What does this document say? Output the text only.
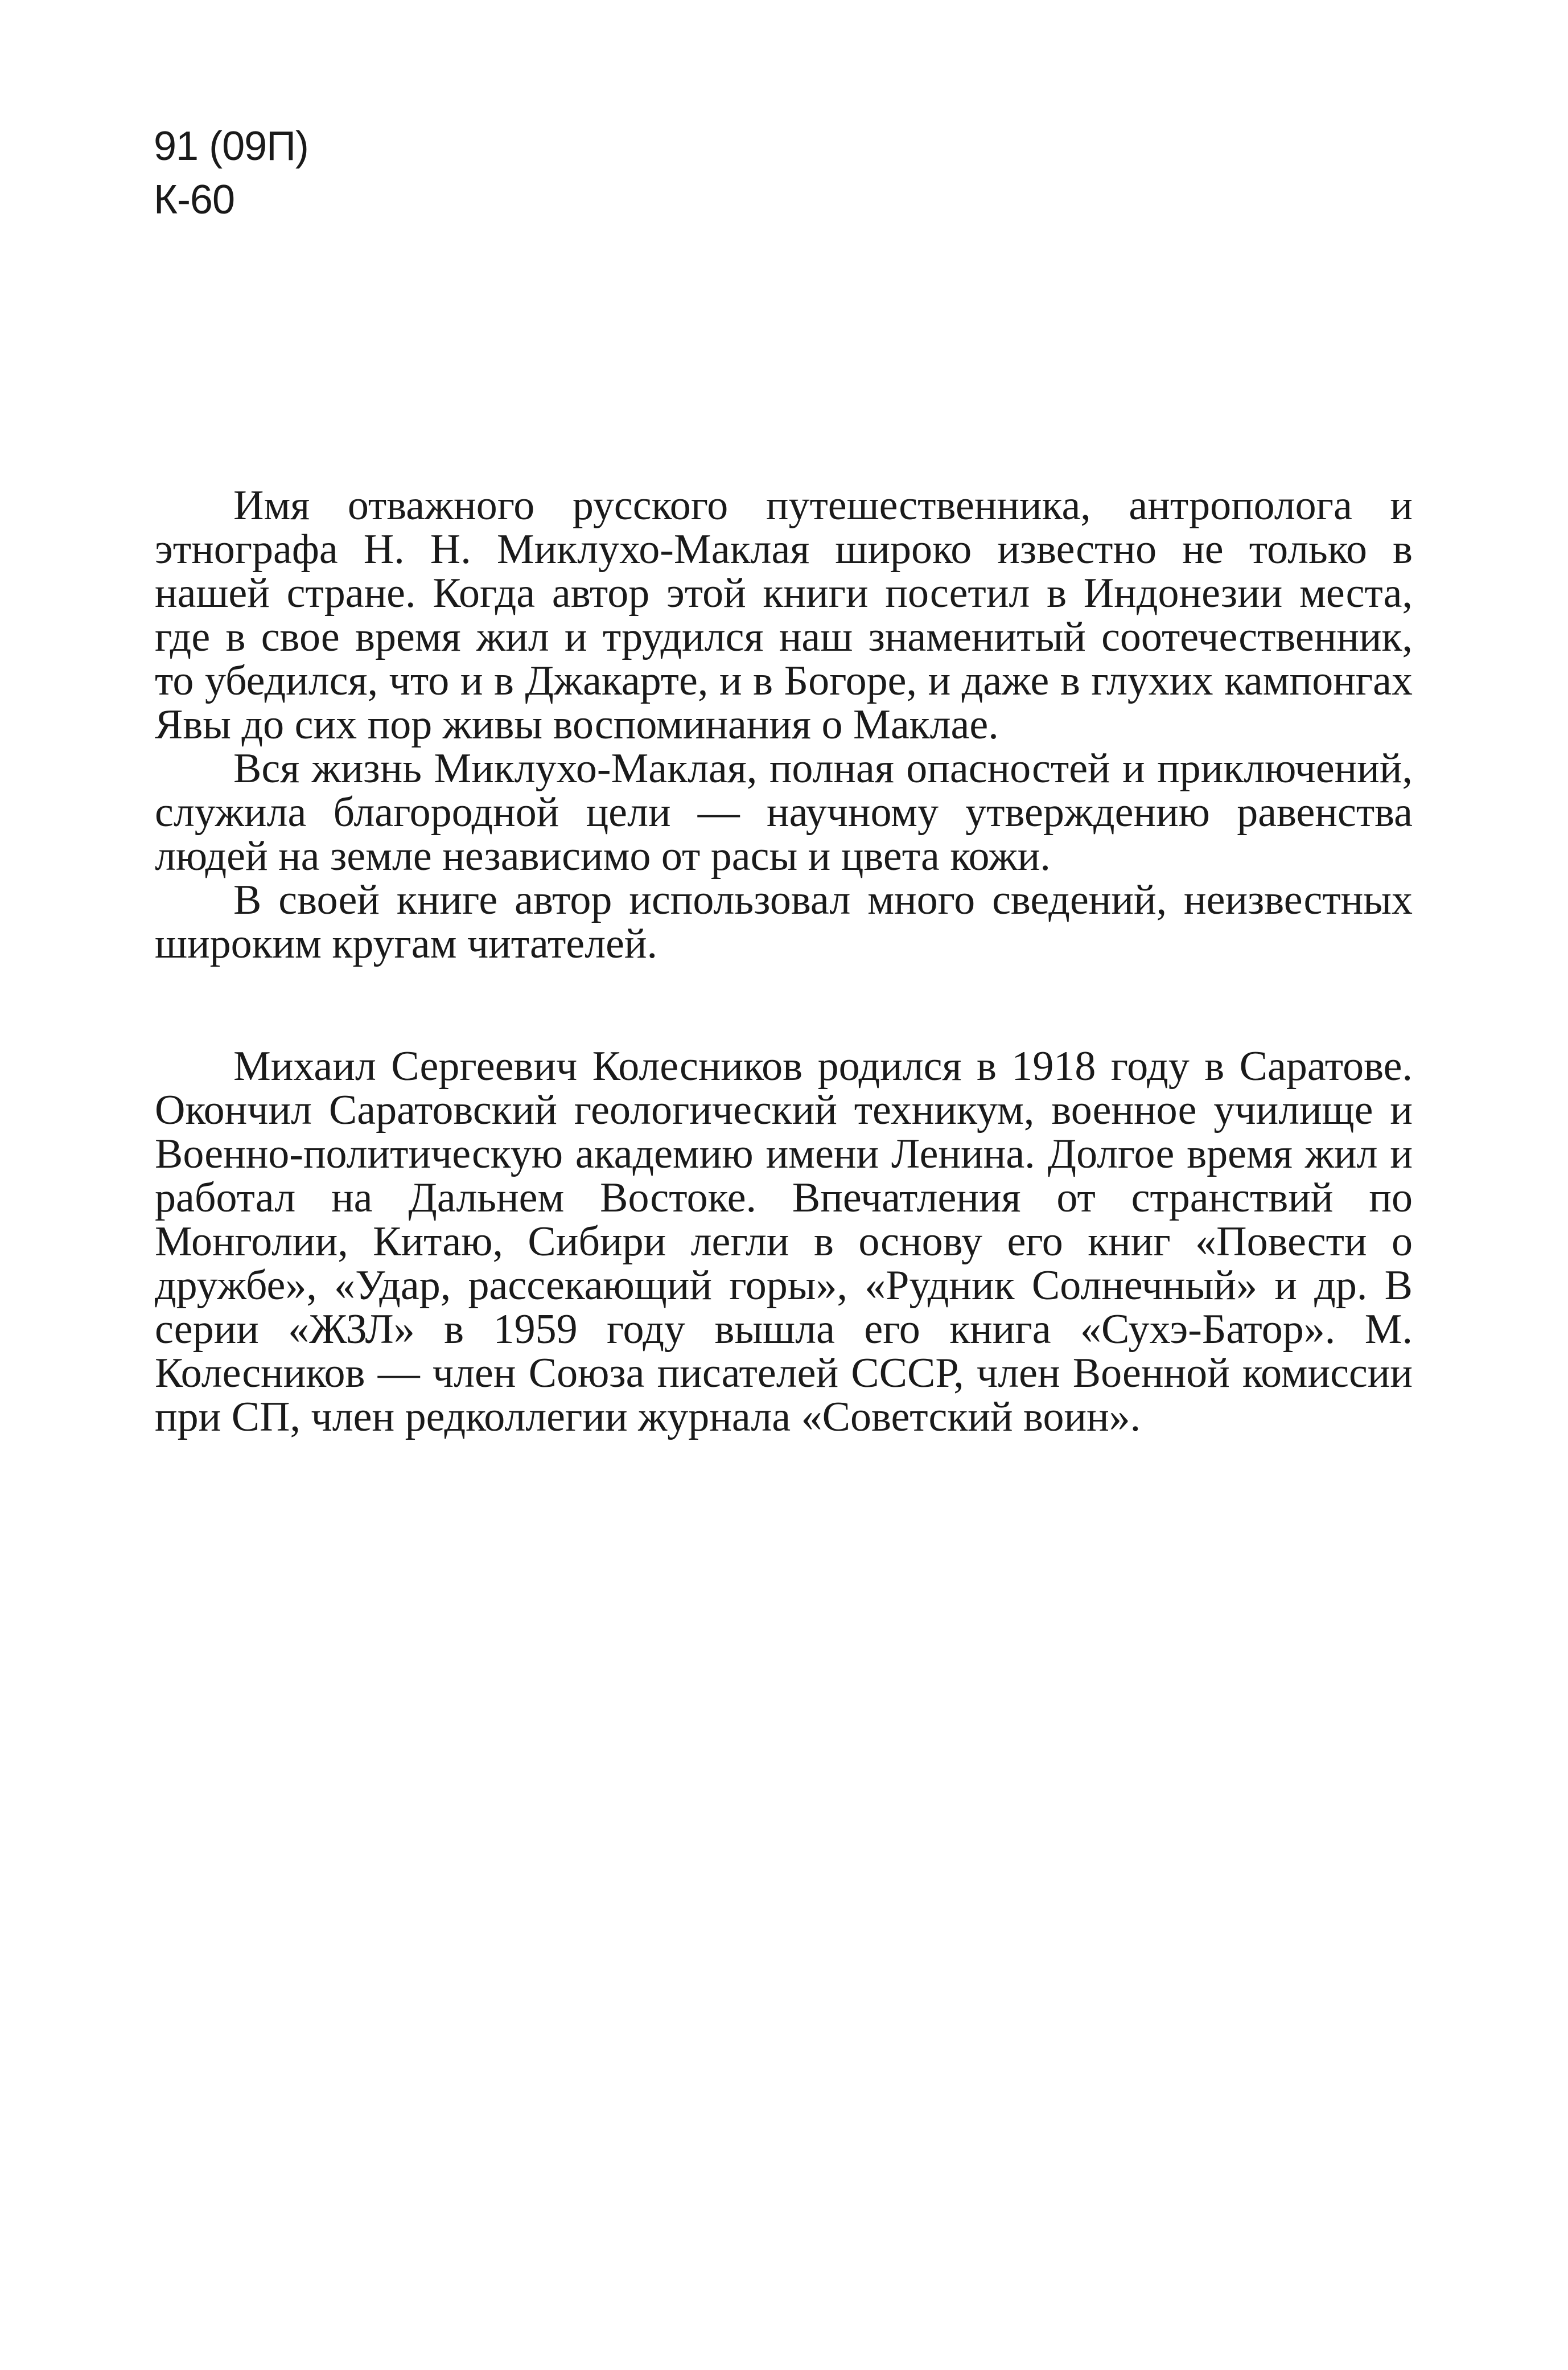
91 (09П)
К-60

Имя отважного русского путешественника, антрополога и этнографа Н. Н. Миклухо-Маклая широко известно не только в нашей стране. Когда автор этой книги посетил в Индонезии места, где в свое время жил и трудился наш знаменитый соотечественник, то убедился, что и в Джакарте, и в Богоре, и даже в глухих кампонгах Явы до сих пор живы воспоминания о Маклае.

Вся жизнь Миклухо-Маклая, полная опасностей и приключений, служила благородной цели — научному утверждению равенства людей на земле независимо от расы и цвета кожи.

В своей книге автор использовал много сведений, неизвестных широким кругам читателей.

Михаил Сергеевич Колесников родился в 1918 году в Саратове. Окончил Саратовский геологический техникум, военное училище и Военно-политическую академию имени Ленина. Долгое время жил и работал на Дальнем Востоке. Впечатления от странствий по Монголии, Китаю, Сибири легли в основу его книг «Повести о дружбе», «Удар, рассекающий горы», «Рудник Солнечный» и др. В серии «ЖЗЛ» в 1959 году вышла его книга «Сухэ-Батор». М. Колесников — член Союза писателей СССР, член Военной комиссии при СП, член редколлегии журнала «Советский воин».
